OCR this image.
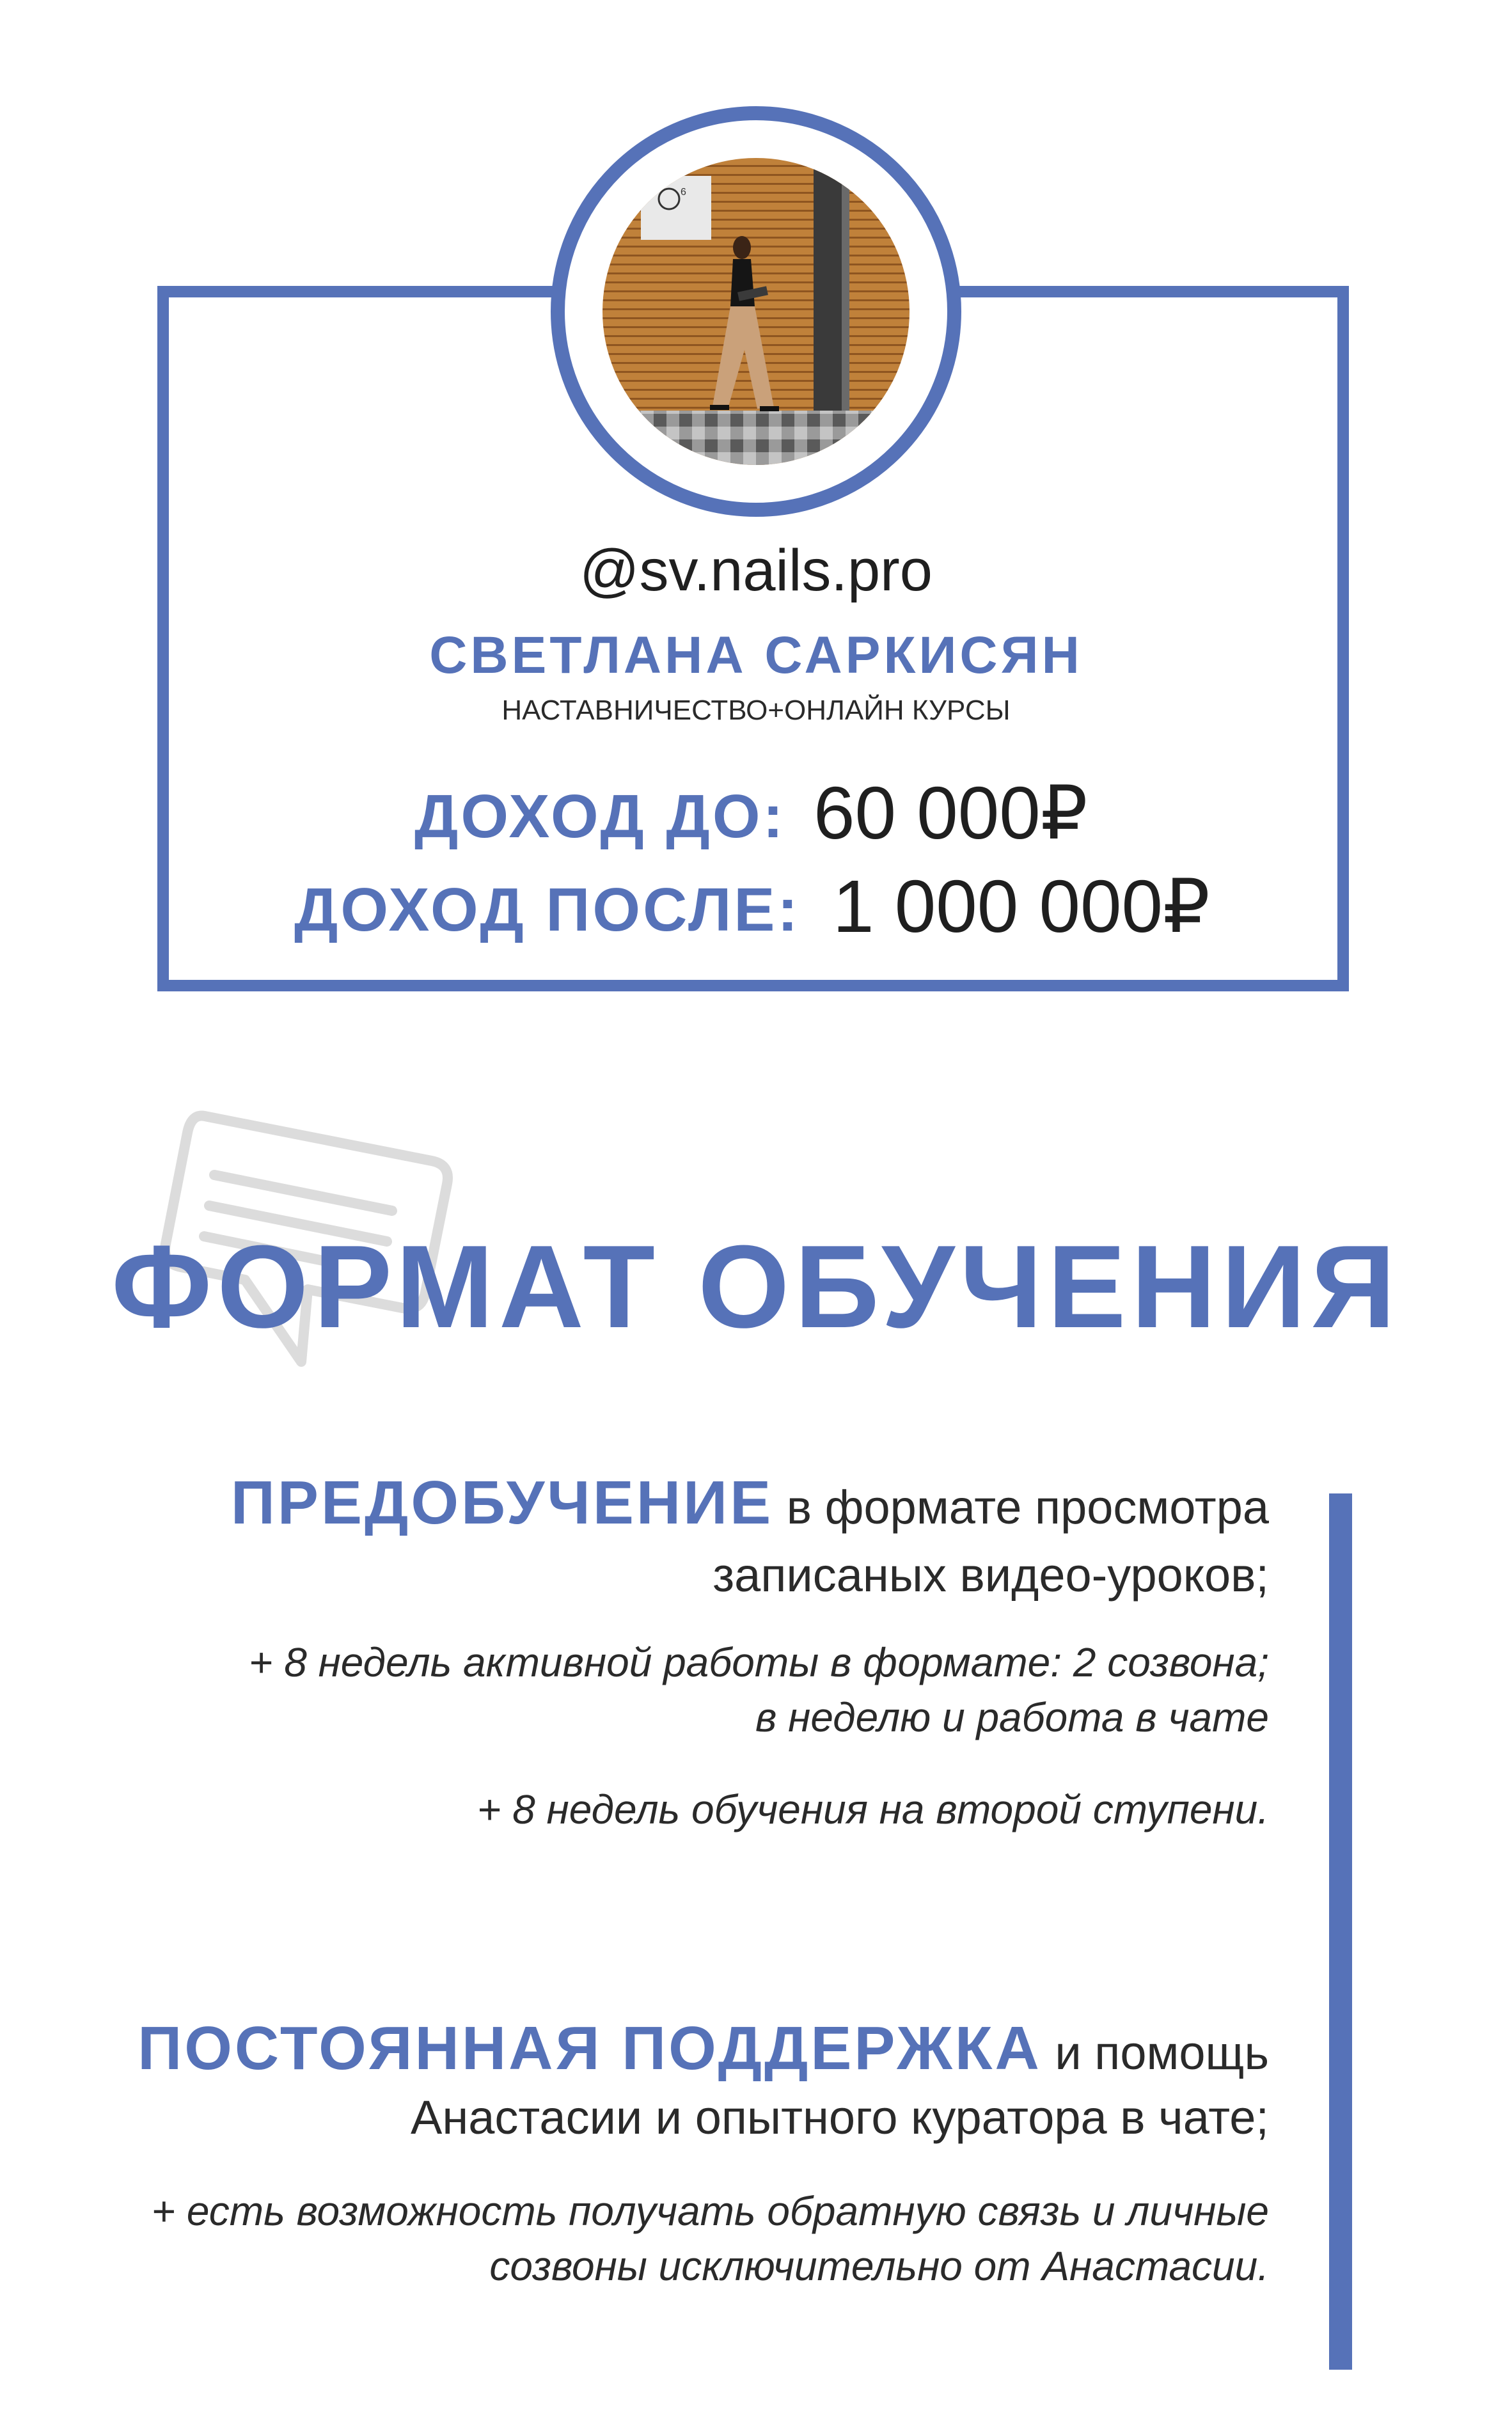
6
@sv.nails.pro
СВЕТЛАНА САРКИСЯН
НАСТАВНИЧЕСТВО+ОНЛАЙН КУРСЫ
ДОХОД ДО: 60 000₽
ДОХОД ПОСЛЕ: 1 000 000₽
ФОРМАТ ОБУЧЕНИЯ
ПРЕДОБУЧЕНИЕ в формате просмотра
записаных видео-уроков;
+ 8 недель активной работы в формате: 2 созвона;
в неделю и работа в чате
+ 8 недель обучения на второй ступени.
ПОСТОЯННАЯ ПОДДЕРЖКА и помощь
Анастасии и опытного куратора в чате;
+ есть возможность получать обратную связь и личные
созвоны исключительно от Анастасии.
